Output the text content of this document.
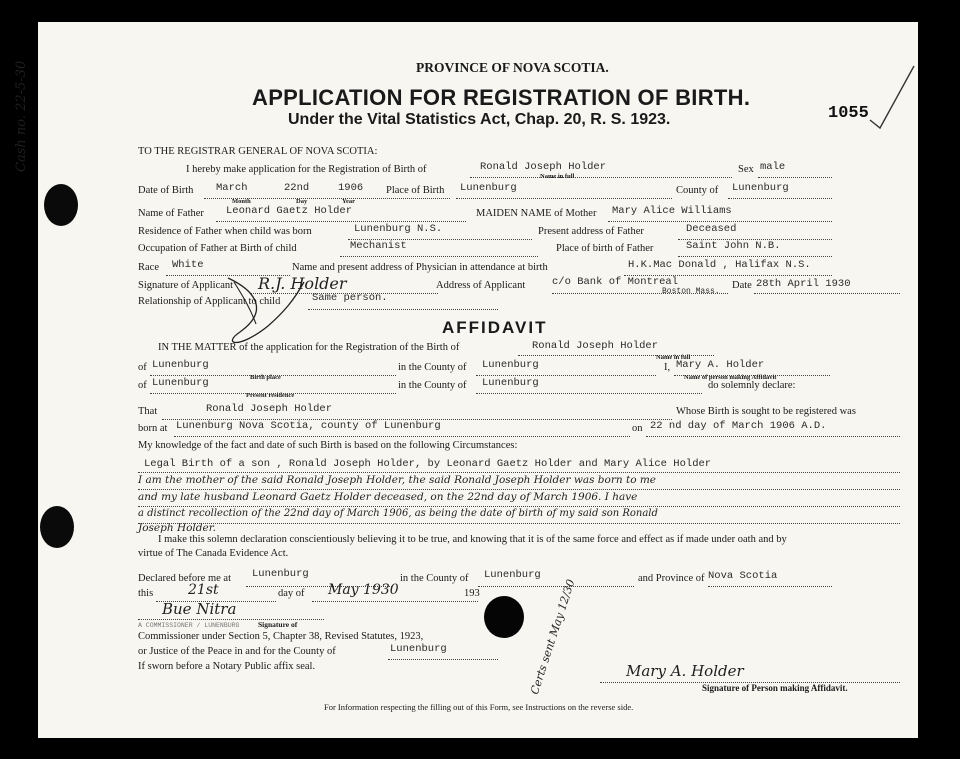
Cash no. 22-5-30	PROVINCE OF NOVA SCOTIA.
APPLICATION FOR REGISTRATION OF BIRTH.
Under the Vital Statistics Act, Chap. 20, R. S. 1923.	1055
TO THE REGISTRAR GENERAL OF NOVA SCOTIA:
I hereby make application for the Registration of Birth of	Ronald Joseph Holder
Name in full
Sex male
Date of Birth March	22nd	1906
Month	Day	Year
Place of Birth Lunenburg	County of Lunenburg
Name of Father Leonard Gaetz Holder	MAIDEN NAME of Mother Mary Alice Williams
Residence of Father when child was born	Lunenburg N.S.	Present address of Father	Deceased
Occupation of Father at Birth of child	Mechanist	Place of birth of Father	Saint John N.B.
Race White	Name and present address of Physician in attendance at birth	H.K.Mac Donald , Halifax N.S.
Signature of Applicant R.J. Holder	Address of Applicant	c/o Bank of Montreal
Boston Mass.
Date 28th April 1930
Relationship of Applicant to child	Same person.
AFFIDAVIT
IN THE MATTER of the application for the Registration of the Birth of	Ronald Joseph Holder
Name in full
of Lunenburg
Birth place
in the County of Lunenburg	I, Mary A. Holder
Name of person making Affidavit
of Lunenburg
Present residence
in the County of Lunenburg	do solemnly declare:
That	Ronald Joseph Holder	Whose Birth is sought to be registered was
born at Lunenburg Nova Scotia, county of Lunenburg	on 22 nd day of March 1906 A.D.
My knowledge of the fact and date of such Birth is based on the following Circumstances:
Legal Birth of a son , Ronald Joseph Holder, by Leonard Gaetz Holder and Mary Alice Holder
I am the mother of the said Ronald Joseph Holder, the said Ronald Joseph Holder was born to me
and my late husband Leonard Gaetz Holder deceased, on the 22nd day of March 1906. I have
a distinct recollection of the 22nd day of March 1906, as being the date of birth of my said son Ronald
Joseph Holder.
I make this solemn declaration conscientiously believing it to be true, and knowing that it is of the same force and effect as if made under oath and by
virtue of The Canada Evidence Act.
Declared before me at Lunenburg	in the County of Lunenburg	and Province of Nova Scotia
this 21st	day of May 1930	193
Bue Nitra
Signature of
A COMMISSIONER / LUNENBURG
Commissioner under Section 5, Chapter 38, Revised Statutes, 1923,
or Justice of the Peace in and for the County of	Lunenburg
If sworn before a Notary Public affix seal.	Certs sent May 12/30	Mary A. Holder
Signature of Person making Affidavit.
For Information respecting the filling out of this Form, see Instructions on the reverse side.
